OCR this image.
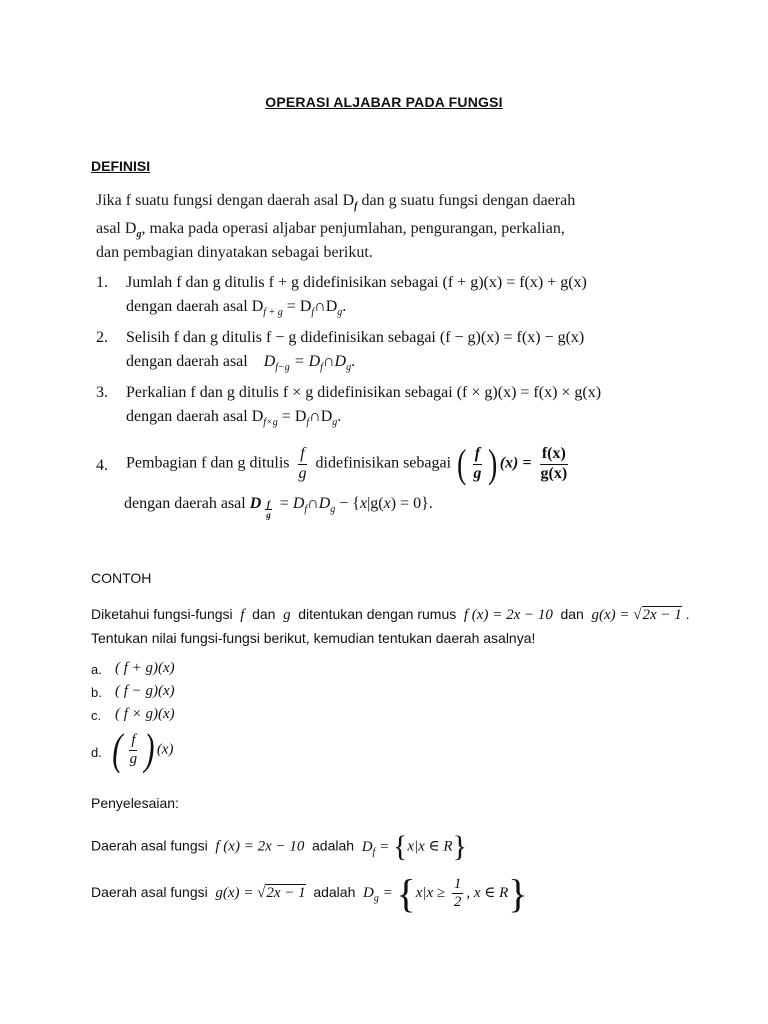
OPERASI ALJABAR PADA FUNGSI
DEFINISI
Jika f suatu fungsi dengan daerah asal $D_f$ dan g suatu fungsi dengan daerah
asal $D_g$, maka pada operasi aljabar penjumlahan, pengurangan, perkalian,
dan pembagian dinyatakan sebagai berikut.
1. Jumlah f dan g ditulis f + g didefinisikan sebagai (f + g)(x) = f(x) + g(x)
dengan daerah asal $D_{f + g}$ = $D_f\cap D_g$.
2. Selisih f dan g ditulis f − g didefinisikan sebagai (f − g)(x) = f(x) − g(x)
dengan daerah asal $D_{f-g}$ = $D_f\cap D_g$.
3. Perkalian f dan g ditulis f × g didefinisikan sebagai (f × g)(x) = f(x) × g(x)
dengan daerah asal $D_{f\times g}$ = $D_f\cap D_g$.
4. Pembagian f dan g ditulis $\frac{f}{g}$ didefinisikan sebagai ( $\frac{f}{g}$ ) $(x) = \frac{f(x)}{g(x)}$
dengan daerah asal D $_{\frac{f}{g}} = D_f\cap D_g - \{x|g(x) = 0\}$.
CONTOH
Diketahui fungsi-fungsi  f  dan  g  ditentukan dengan rumus  f (x) = 2x − 10  dan  g(x) = √2x − 1 .
Tentukan nilai fungsi-fungsi berikut, kemudian tentukan daerah asalnya!
a. ( f + g)(x)
b. ( f − g)(x)
c. ( f × g)(x)
d. ( $\frac{f}{g}$ ) (x)
Penyelesaian:
Daerah asal fungsi  f (x) = 2x − 10  adalah  $D_f = \{x|x$ ∈ R}
Daerah asal fungsi  g(x) = √2x − 1 adalah  $D_g = \{x|x \ge \frac{1}{2}$ , x ∈ R}
